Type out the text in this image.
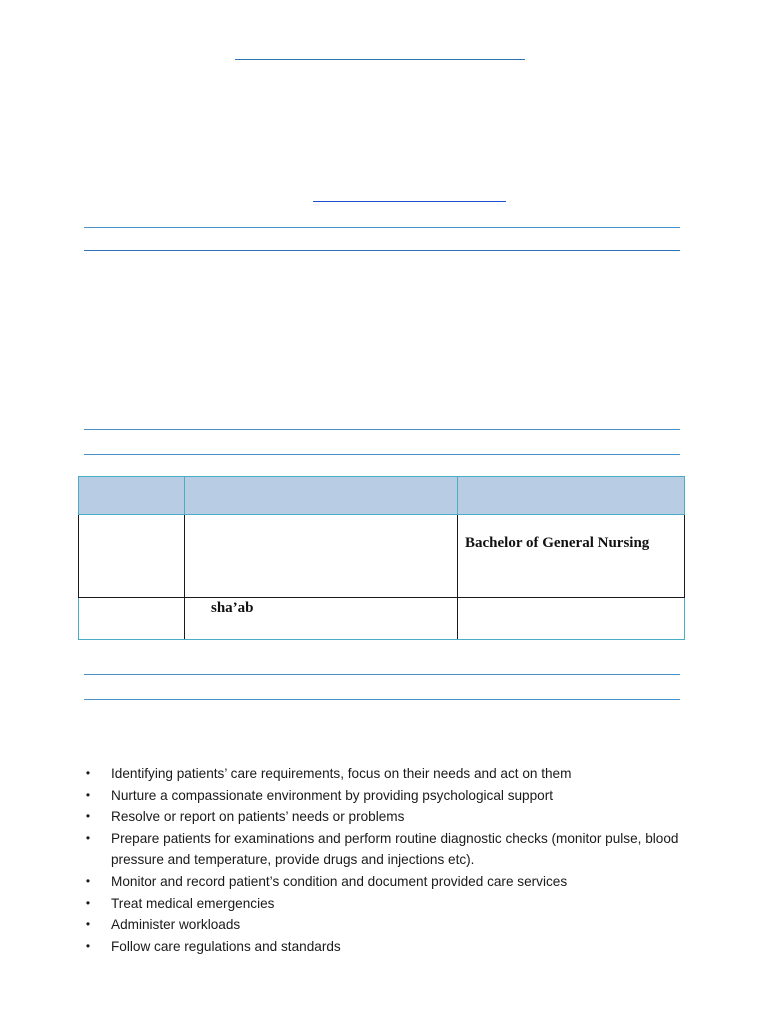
		Bachelor of General Nursing

	sha’ab	

• Identifying patients’ care requirements, focus on their needs and act on them
• Nurture a compassionate environment by providing psychological support
• Resolve or report on patients’ needs or problems
• Prepare patients for examinations and perform routine diagnostic checks (monitor pulse, blood pressure and temperature, provide drugs and injections etc).
• Monitor and record patient’s condition and document provided care services
• Treat medical emergencies
• Administer workloads
• Follow care regulations and standards
